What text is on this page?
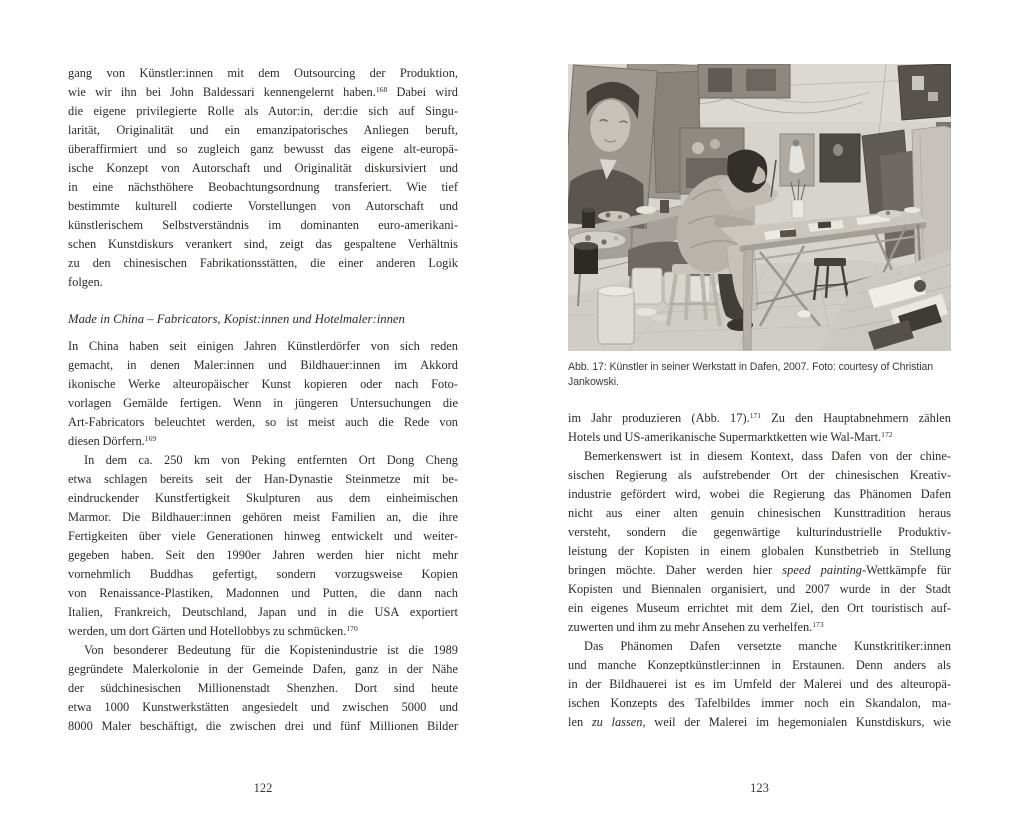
gang von Künstler:innen mit dem Outsourcing der Produktion,
wie wir ihn bei John Baldessari kennengelernt haben.$^{168}$ Dabei wird
die eigene privilegierte Rolle als Autor:in, der:die sich auf Singu-
larität, Originalität und ein emanzipatorisches Anliegen beruft,
überaffirmiert und so zugleich ganz bewusst das eigene alt-europä-
ische Konzept von Autorschaft und Originalität diskursiviert und
in eine nächsthöhere Beobachtungsordnung transferiert. Wie tief
bestimmte kulturell codierte Vorstellungen von Autorschaft und
künstlerischem Selbstverständnis im dominanten euro-amerikani-
schen Kunstdiskurs verankert sind, zeigt das gespaltene Verhältnis
zu den chinesischen Fabrikationsstätten, die einer anderen Logik
folgen.
Made in China – Fabricators, Kopist:innen und Hotelmaler:innen
In China haben seit einigen Jahren Künstlerdörfer von sich reden
gemacht, in denen Maler:innen und Bildhauer:innen im Akkord
ikonische Werke alteuropäischer Kunst kopieren oder nach Foto-
vorlagen Gemälde fertigen. Wenn in jüngeren Untersuchungen die
Art-Fabricators beleuchtet werden, so ist meist auch die Rede von
diesen Dörfern.$^{169}$
In dem ca. 250 km von Peking entfernten Ort Dong Cheng
etwa schlagen bereits seit der Han-Dynastie Steinmetze mit be-
eindruckender Kunstfertigkeit Skulpturen aus dem einheimischen
Marmor. Die Bildhauer:innen gehören meist Familien an, die ihre
Fertigkeiten über viele Generationen hinweg entwickelt und weiter-
gegeben haben. Seit den 1990er Jahren werden hier nicht mehr
vornehmlich Buddhas gefertigt, sondern vorzugsweise Kopien
von Renaissance-Plastiken, Madonnen und Putten, die dann nach
Italien, Frankreich, Deutschland, Japan und in die USA exportiert
werden, um dort Gärten und Hotellobbys zu schmücken.$^{170}$
Von besonderer Bedeutung für die Kopistenindustrie ist die 1989
gegründete Malerkolonie in der Gemeinde Dafen, ganz in der Nähe
der südchinesischen Millionenstadt Shenzhen. Dort sind heute
etwa 1000 Kunstwerkstätten angesiedelt und zwischen 5000 und
8000 Maler beschäftigt, die zwischen drei und fünf Millionen Bilder
122
Abb. 17: Künstler in seiner Werkstatt in Dafen, 2007. Foto: courtesy of Christian Jankowski.
im Jahr produzieren (Abb. 17).$^{171}$ Zu den Hauptabnehmern zählen
Hotels und US-amerikanische Supermarktketten wie Wal-Mart.$^{172}$
Bemerkenswert ist in diesem Kontext, dass Dafen von der chine-
sischen Regierung als aufstrebender Ort der chinesischen Kreativ-
industrie gefördert wird, wobei die Regierung das Phänomen Dafen
nicht aus einer alten genuin chinesischen Kunsttradition heraus
versteht, sondern die gegenwärtige kulturindustrielle Produktiv-
leistung der Kopisten in einem globalen Kunstbetrieb in Stellung
bringen möchte. Daher werden hier speed painting-Wettkämpfe für
Kopisten und Biennalen organisiert, und 2007 wurde in der Stadt
ein eigenes Museum errichtet mit dem Ziel, den Ort touristisch auf-
zuwerten und ihm zu mehr Ansehen zu verhelfen.$^{173}$
Das Phänomen Dafen versetzte manche Kunstkritiker:innen
und manche Konzeptkünstler:innen in Erstaunen. Denn anders als
in der Bildhauerei ist es im Umfeld der Malerei und des alteuropä-
ischen Konzepts des Tafelbildes immer noch ein Skandalon, ma-
len zu lassen, weil der Malerei im hegemonialen Kunstdiskurs, wie
123
